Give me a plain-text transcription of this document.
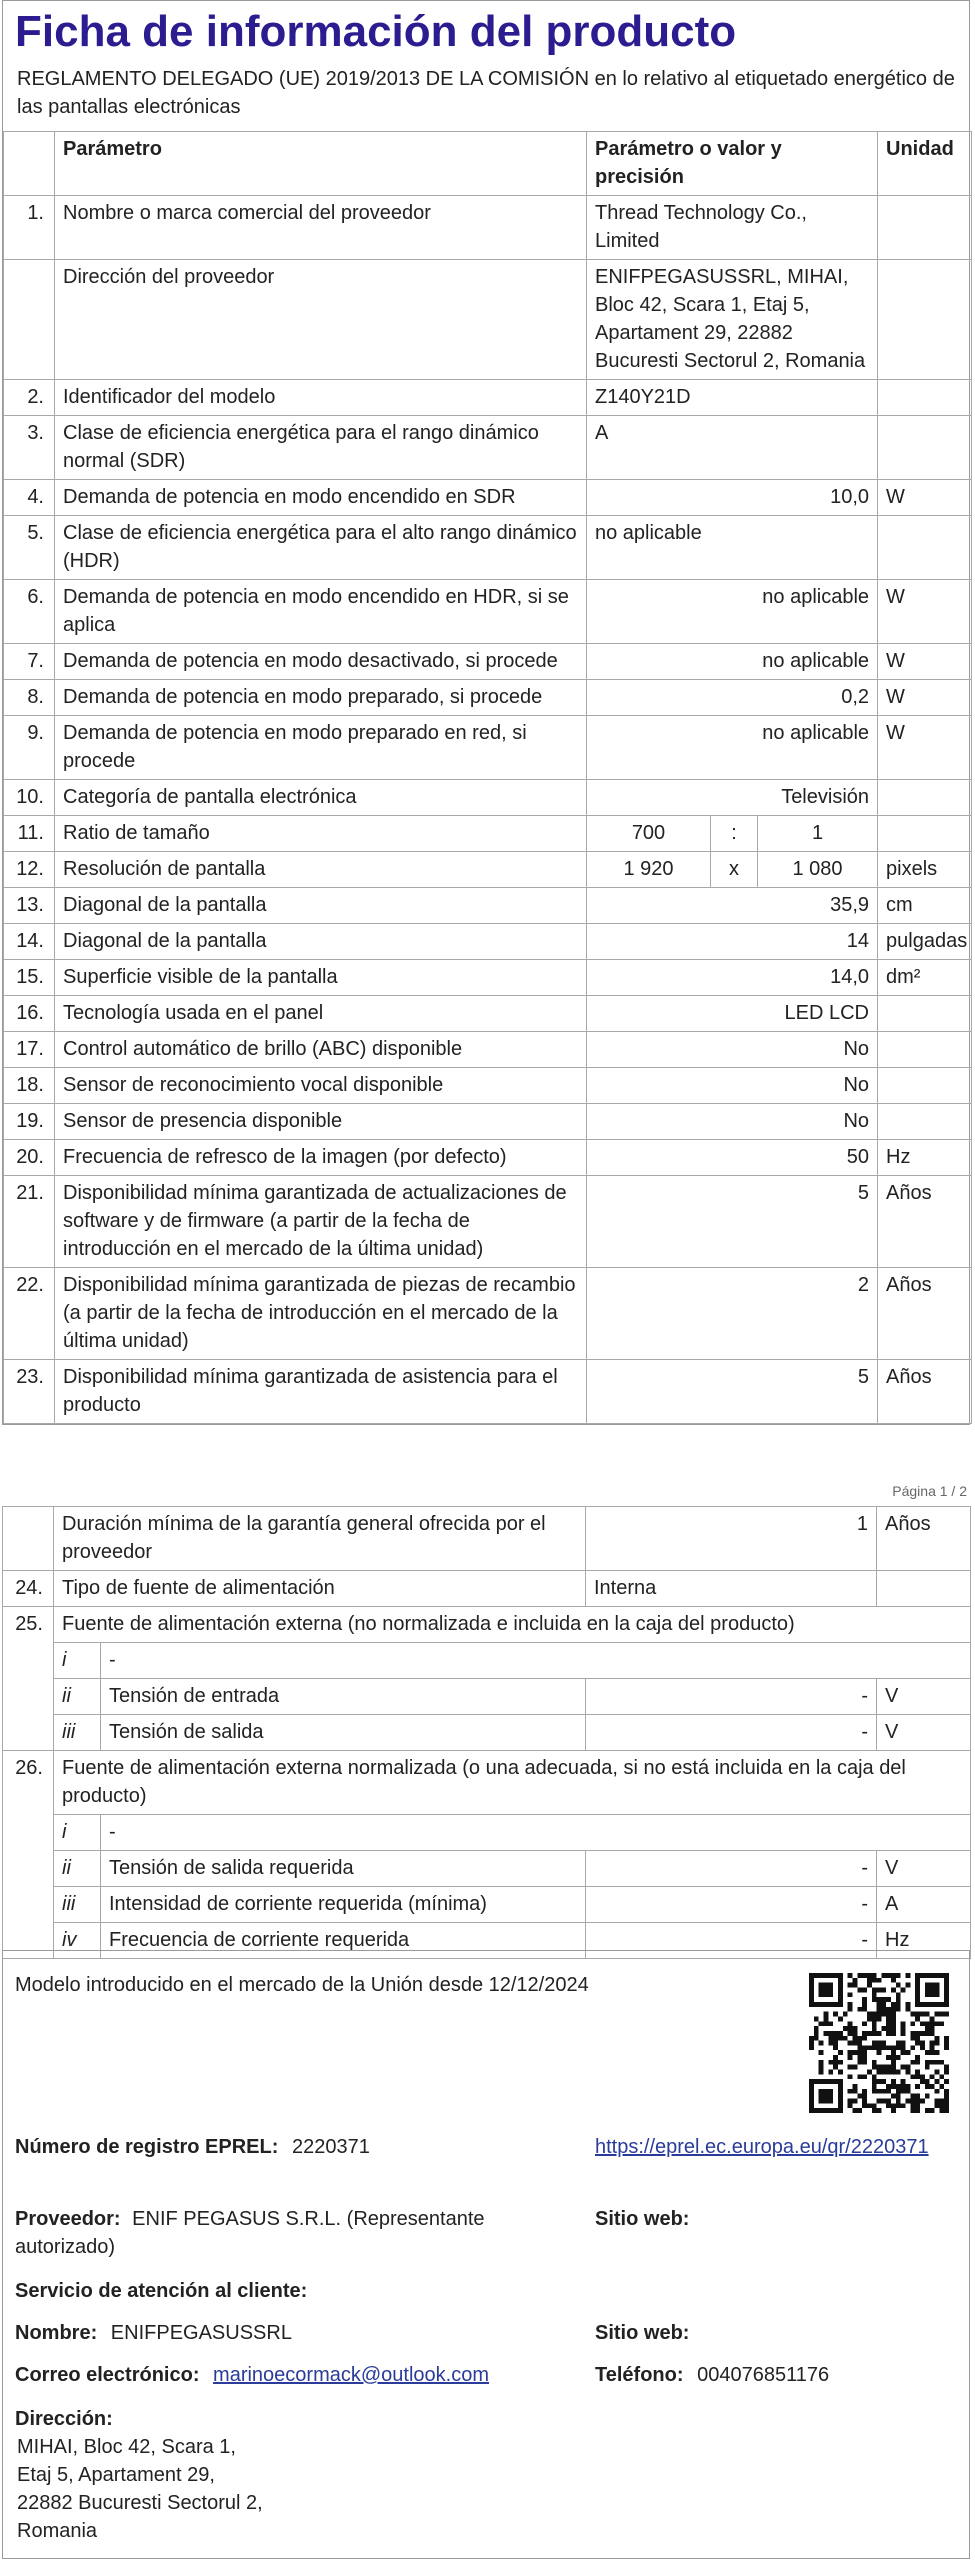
Ficha de información del producto
REGLAMENTO DELEGADO (UE) 2019/2013 DE LA COMISIÓN en lo relativo al etiquetado energético de las pantallas electrónicas
	Parámetro	Parámetro o valor y precisión			Unidad
1.	Nombre o marca comercial del proveedor	Thread Technology Co., Limited			
	Dirección del proveedor	ENIFPEGASUSSRL, MIHAI, Bloc 42, Scara 1, Etaj 5, Apartament 29, 22882 Bucuresti Sectorul 2, Romania			
2.	Identificador del modelo	Z140Y21D			
3.	Clase de eficiencia energética para el rango dinámico normal (SDR)	A			
4.	Demanda de potencia en modo encendido en SDR	10,0			W
5.	Clase de eficiencia energética para el alto rango dinámico (HDR)	no aplicable			
6.	Demanda de potencia en modo encendido en HDR, si se aplica	no aplicable			W
7.	Demanda de potencia en modo desactivado, si procede	no aplicable			W
8.	Demanda de potencia en modo preparado, si procede	0,2			W
9.	Demanda de potencia en modo preparado en red, si procede	no aplicable			W
10.	Categoría de pantalla electrónica	Televisión			
11.	Ratio de tamaño	700	:	1	
12.	Resolución de pantalla	1 920	x	1 080	pixels
13.	Diagonal de la pantalla	35,9			cm
14.	Diagonal de la pantalla	14			pulgadas
15.	Superficie visible de la pantalla	14,0			dm²
16.	Tecnología usada en el panel	LED LCD			
17.	Control automático de brillo (ABC) disponible	No			
18.	Sensor de reconocimiento vocal disponible	No			
19.	Sensor de presencia disponible	No			
20.	Frecuencia de refresco de la imagen (por defecto)	50			Hz
21.	Disponibilidad mínima garantizada de actualizaciones de software y de firmware (a partir de la fecha de introducción en el mercado de la última unidad)	5			Años
22.	Disponibilidad mínima garantizada de piezas de recambio (a partir de la fecha de introducción en el mercado de la última unidad)	2			Años
23.	Disponibilidad mínima garantizada de asistencia para el producto	5			Años
Página 1 / 2
	Duración mínima de la garantía general ofrecida por el proveedor		1	Años
24.	Tipo de fuente de alimentación		Interna	
25.	Fuente de alimentación externa (no normalizada e incluida en la caja del producto)			
	i	-		
	ii	Tensión de entrada	-	V
	iii	Tensión de salida	-	V
26.	Fuente de alimentación externa normalizada (o una adecuada, si no está incluida en la caja del producto)			
	i	-		
	ii	Tensión de salida requerida	-	V
	iii	Intensidad de corriente requerida (mínima)	-	A
	iv	Frecuencia de corriente requerida	-	Hz
Modelo introducido en el mercado de la Unión desde 12/12/2024
Número de registro EPREL: 2220371	https://eprel.ec.europa.eu/qr/2220371
Proveedor: ENIF PEGASUS S.R.L. (Representante autorizado)
Sitio web:
Servicio de atención al cliente:
Nombre: ENIFPEGASUSSRL	Sitio web:
Correo electrónico: marinoecormack@outlook.com	Teléfono: 004076851176
Dirección:
MIHAI, Bloc 42, Scara 1,
Etaj 5, Apartament 29,
22882 Bucuresti Sectorul 2,
Romania
